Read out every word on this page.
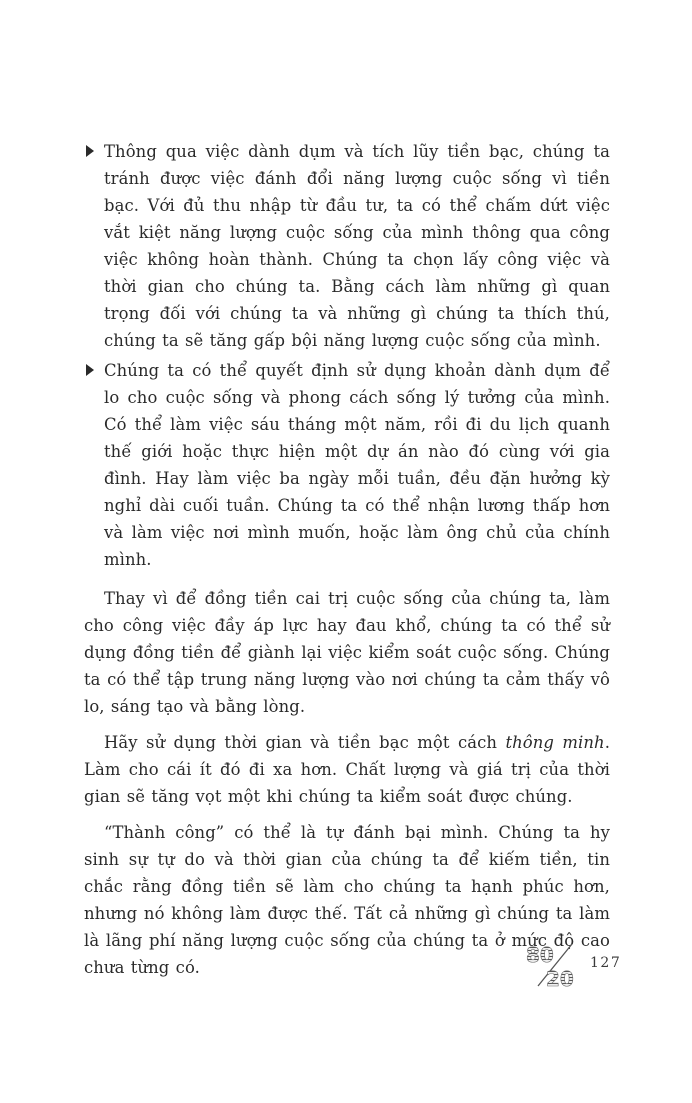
Thông qua việc dành dụm và tích lũy tiền bạc, chúng ta tránh được việc đánh đổi năng lượng cuộc sống vì tiền bạc. Với đủ thu nhập từ đầu tư, ta có thể chấm dứt việc vắt kiệt năng lượng cuộc sống của mình thông qua công việc không hoàn thành. Chúng ta chọn lấy công việc và thời gian cho chúng ta. Bằng cách làm những gì quan trọng đối với chúng ta và những gì chúng ta thích thú, chúng ta sẽ tăng gấp bội năng lượng cuộc sống của mình.
Chúng ta có thể quyết định sử dụng khoản dành dụm để lo cho cuộc sống và phong cách sống lý tưởng của mình. Có thể làm việc sáu tháng một năm, rồi đi du lịch quanh thế giới hoặc thực hiện một dự án nào đó cùng với gia đình. Hay làm việc ba ngày mỗi tuần, đều đặn hưởng kỳ nghỉ dài cuối tuần. Chúng ta có thể nhận lương thấp hơn và làm việc nơi mình muốn, hoặc làm ông chủ của chính mình.

Thay vì để đồng tiền cai trị cuộc sống của chúng ta, làm cho công việc đầy áp lực hay đau khổ, chúng ta có thể sử dụng đồng tiền để giành lại việc kiểm soát cuộc sống. Chúng ta có thể tập trung năng lượng vào nơi chúng ta cảm thấy vô lo, sáng tạo và bằng lòng.

Hãy sử dụng thời gian và tiền bạc một cách thông minh. Làm cho cái ít đó đi xa hơn. Chất lượng và giá trị của thời gian sẽ tăng vọt một khi chúng ta kiểm soát được chúng.

“Thành công” có thể là tự đánh bại mình. Chúng ta hy sinh sự tự do và thời gian của chúng ta để kiếm tiền, tin chắc rằng đồng tiền sẽ làm cho chúng ta hạnh phúc hơn, nhưng nó không làm được thế. Tất cả những gì chúng ta làm là lãng phí năng lượng cuộc sống của chúng ta ở mức độ cao chưa từng có.

80
20
127
